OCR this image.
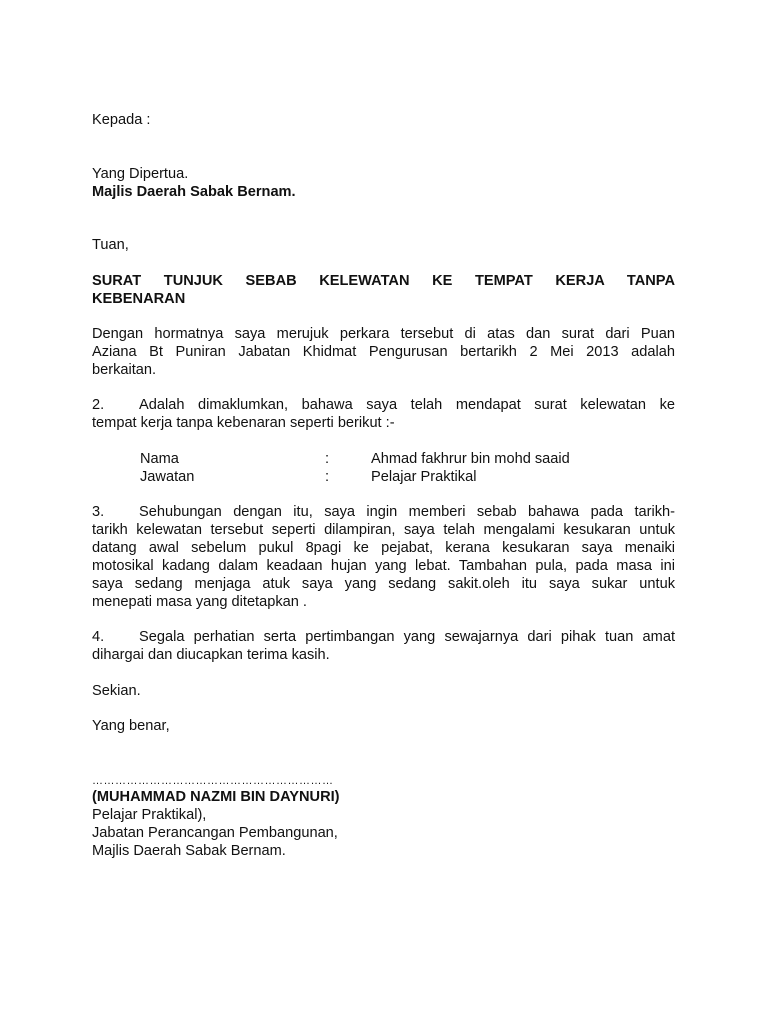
Kepada :
Yang Dipertua.
Majlis Daerah Sabak Bernam.
Tuan,
SURAT TUNJUK SEBAB KELEWATAN KE TEMPAT KERJA TANPA
KEBENARAN
Dengan hormatnya saya merujuk perkara tersebut di atas dan surat dari Puan
Aziana Bt Puniran Jabatan Khidmat Pengurusan bertarikh 2 Mei 2013 adalah
berkaitan.
2. Adalah dimaklumkan, bahawa saya telah mendapat surat kelewatan ke
tempat kerja tanpa kebenaran seperti berikut :-
Nama	:	Ahmad fakhrur bin mohd saaid
Jawatan	:	Pelajar Praktikal
3. Sehubungan dengan itu, saya ingin memberi sebab bahawa pada tarikh-
tarikh kelewatan tersebut seperti dilampiran, saya telah mengalami kesukaran untuk
datang awal sebelum pukul 8pagi ke pejabat, kerana kesukaran saya menaiki
motosikal kadang dalam keadaan hujan yang lebat. Tambahan pula, pada masa ini
saya sedang menjaga atuk saya yang sedang sakit.oleh itu saya sukar untuk
menepati masa yang ditetapkan .
4. Segala perhatian serta pertimbangan yang sewajarnya dari pihak tuan amat
dihargai dan diucapkan terima kasih.
Sekian.
Yang benar,
………………………………………………………
(MUHAMMAD NAZMI BIN DAYNURI)
Pelajar Praktikal),
Jabatan Perancangan Pembangunan,
Majlis Daerah Sabak Bernam.
